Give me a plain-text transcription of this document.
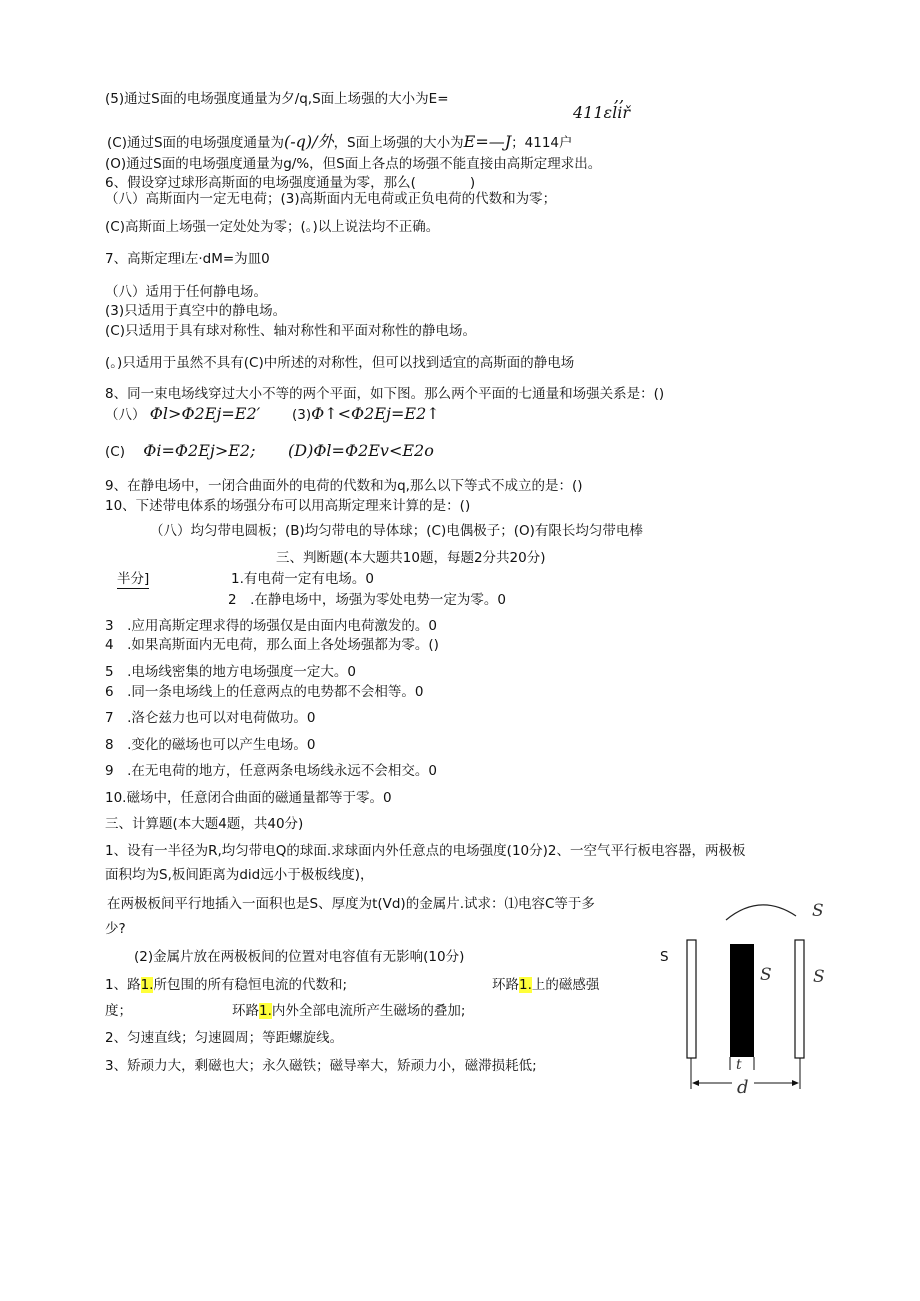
(5)通过S面的电场强度通量为夕/q,S面上场强的大小为E=
411εliř
,,
(C)通过S面的电场强度通量为(-q)/外，S面上场强的大小为E=—J；4114户
(O)通过S面的电场强度通量为g/%，但S面上各点的场强不能直接由高斯定理求出。
6、假设穿过球形高斯面的电场强度通量为零，那么(　　　　)
（八）高斯面内一定无电荷；(3)高斯面内无电荷或正负电荷的代数和为零；
(C)高斯面上场强一定处处为零；(。)以上说法均不正确。
7、高斯定理i左·dM=为皿0
（八）适用于任何静电场。
(3)只适用于真空中的静电场。
(C)只适用于具有球对称性、轴对称性和平面对称性的静电场。
(。)只适用于虽然不具有(C)中所述的对称性，但可以找到适宜的高斯面的静电场
8、同一束电场线穿过大小不等的两个平面，如下图。那么两个平面的七通量和场强关系是：()
（八） Φl>Φ2Ej=E2′ (3)Φ↑<Φ2Ej=E2↑
(C) Φi=Φ2Ej>E2; (D)Φl=Φ2Ev<E2o
9、在静电场中，一闭合曲面外的电荷的代数和为q,那么以下等式不成立的是：()
10、下述带电体系的场强分布可以用高斯定理来计算的是：()
（八）均匀带电圆板；(B)均匀带电的导体球；(C)电偶极子；(O)有限长均匀带电棒
三、判断题(本大题共10题，每题2分共20分)
半分]	1.有电荷一定有电场。0
2　.在静电场中，场强为零处电势一定为零。0
3　.应用高斯定理求得的场强仅是由面内电荷激发的。0
4　.如果高斯面内无电荷，那么面上各处场强都为零。()
5　.电场线密集的地方电场强度一定大。0
6　.同一条电场线上的任意两点的电势都不会相等。0
7　.洛仑兹力也可以对电荷做功。0
8　.变化的磁场也可以产生电场。0
9　.在无电荷的地方，任意两条电场线永远不会相交。0
10.磁场中，任意闭合曲面的磁通量都等于零。0
三、计算题(本大题4题，共40分)
1、设有一半径为R,均匀带电Q的球面.求球面内外任意点的电场强度(10分)2、一空气平行板电容器，两极板
面积均为S,板间距离为did远小于极板线度)，
在两极板间平行地插入一面积也是S、厚度为t(Vd)的金属片.试求：⑴电容C等于多
少?
(2)金属片放在两极板间的位置对电容值有无影响(10分)
1、路1.所包围的所有稳恒电流的代数和;	环路1.上的磁感强
度；	环路1.内外全部电流所产生磁场的叠加;
2、匀速直线；匀速圆周；等距螺旋线。
3、矫顽力大，剩磁也大；永久磁铁；磁导率大，矫顽力小，磁滞损耗低;
S
S S
t
d
S
